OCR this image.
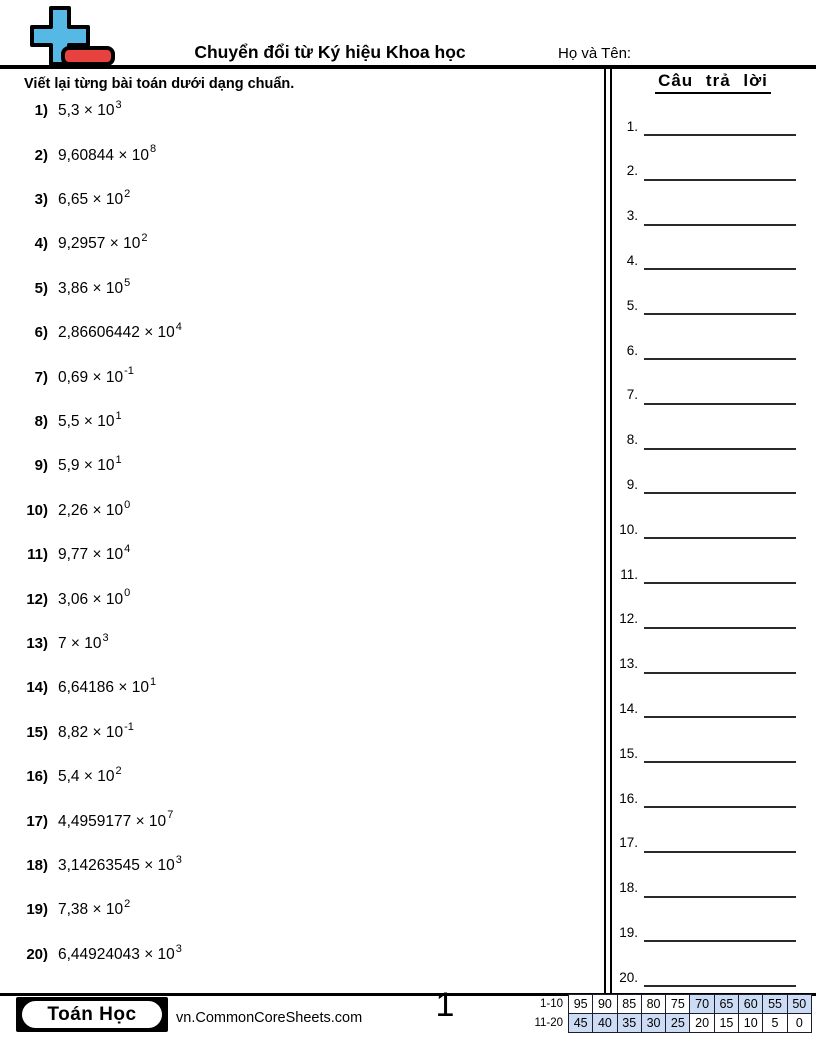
Chuyển đổi từ Ký hiệu Khoa học	Họ và Tên:
Viết lại từng bài toán dưới dạng chuẩn.
1) $5,3 \times 10^3$
2) $9,60844 \times 10^8$
3) $6,65 \times 10^2$
4) $9,2957 \times 10^2$
5) $3,86 \times 10^5$
6) $2,86606442 \times 10^4$
7) $0,69 \times 10^{-1}$
8) $5,5 \times 10^1$
9) $5,9 \times 10^1$
10) $2,26 \times 10^0$
11) $9,77 \times 10^4$
12) $3,06 \times 10^0$
13) $7 \times 10^3$
14) $6,64186 \times 10^1$
15) $8,82 \times 10^{-1}$
16) $5,4 \times 10^2$
17) $4,4959177 \times 10^7$
18) $3,14263545 \times 10^3$
19) $7,38 \times 10^2$
20) $6,44924043 \times 10^3$
Câu trả lời
1.
2.
3.
4.
5.
6.
7.
8.
9.
10.
11.
12.
13.
14.
15.
16.
17.
18.
19.
20.
Toán Học	vn.CommonCoreSheets.com	1	1-10	95	90	85	80	75	70	65	60	55	50
11-20	45	40	35	30	25	20	15	10	5	0
